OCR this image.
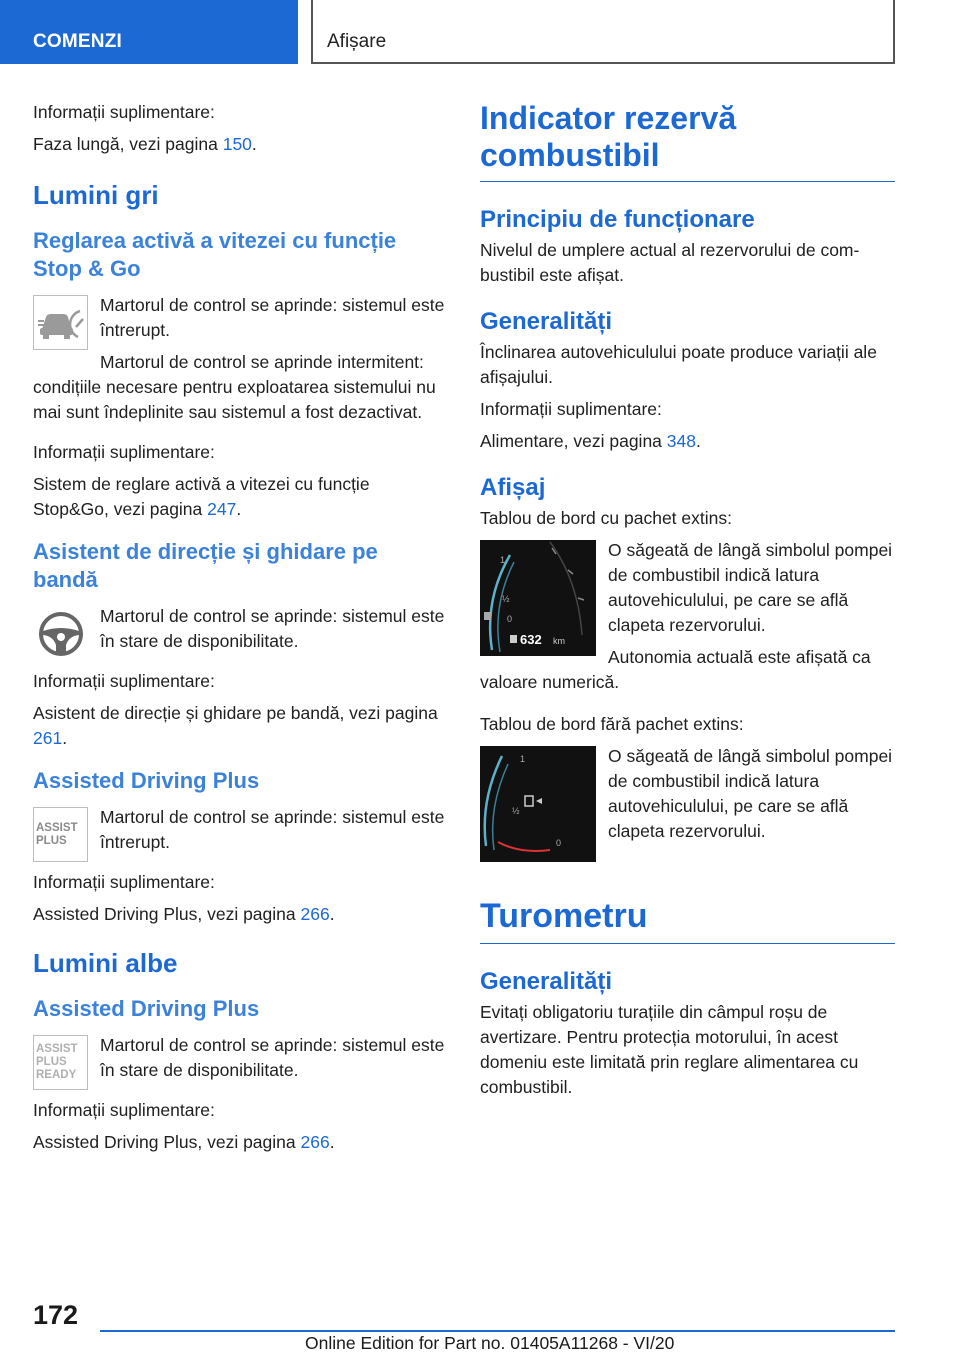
COMENZI	Afișare

Informații suplimentare:

Faza lungă, vezi pagina 150.

Lumini gri
Reglarea activă a vitezei cu funcție Stop & Go

Martorul de control se aprinde: sistemul este întrerupt.

Martorul de control se aprinde intermitent: condițiile necesare pentru exploatarea sistemului nu mai sunt îndeplinite sau sistemul a fost dezactivat.

Informații suplimentare:

Sistem de reglare activă a vitezei cu funcție Stop&Go, vezi pagina 247.

Asistent de direcție și ghidare pe bandă

Martorul de control se aprinde: sistemul este în stare de disponibilitate.

Informații suplimentare:

Asistent de direcție și ghidare pe bandă, vezi pagina 261.

Assisted Driving Plus
ASSIST PLUS

Martorul de control se aprinde: sistemul este întrerupt.

Informații suplimentare:

Assisted Driving Plus, vezi pagina 266.

Lumini albe
Assisted Driving Plus
ASSIST PLUS READY

Martorul de control se aprinde: sistemul este în stare de disponibilitate.

Informații suplimentare:

Assisted Driving Plus, vezi pagina 266.

Indicator rezervă combustibil
Principiu de funcționare

Nivelul de umplere actual al rezervorului de combustibil este afișat.

Generalități

Înclinarea autovehiculului poate produce variații ale afișajului.

Informații suplimentare:

Alimentare, vezi pagina 348.

Afișaj

Tablou de bord cu pachet extins:

1
½
0
632 km

O săgeată de lângă simbolul pompei de combustibil indică latura autovehiculului, pe care se află clapeta rezervorului.

Autonomia actuală este afișată ca valoare numerică.

Tablou de bord fără pachet extins:

1
½
0

O săgeată de lângă simbolul pompei de combustibil indică latura autovehiculului, pe care se află clapeta rezervorului.

Turometru
Generalități

Evitați obligatoriu turațiile din câmpul roșu de avertizare. Pentru protecția motorului, în acest domeniu este limitată prin reglare alimentarea cu combustibil.

172
Online Edition for Part no. 01405A11268 - VI/20
